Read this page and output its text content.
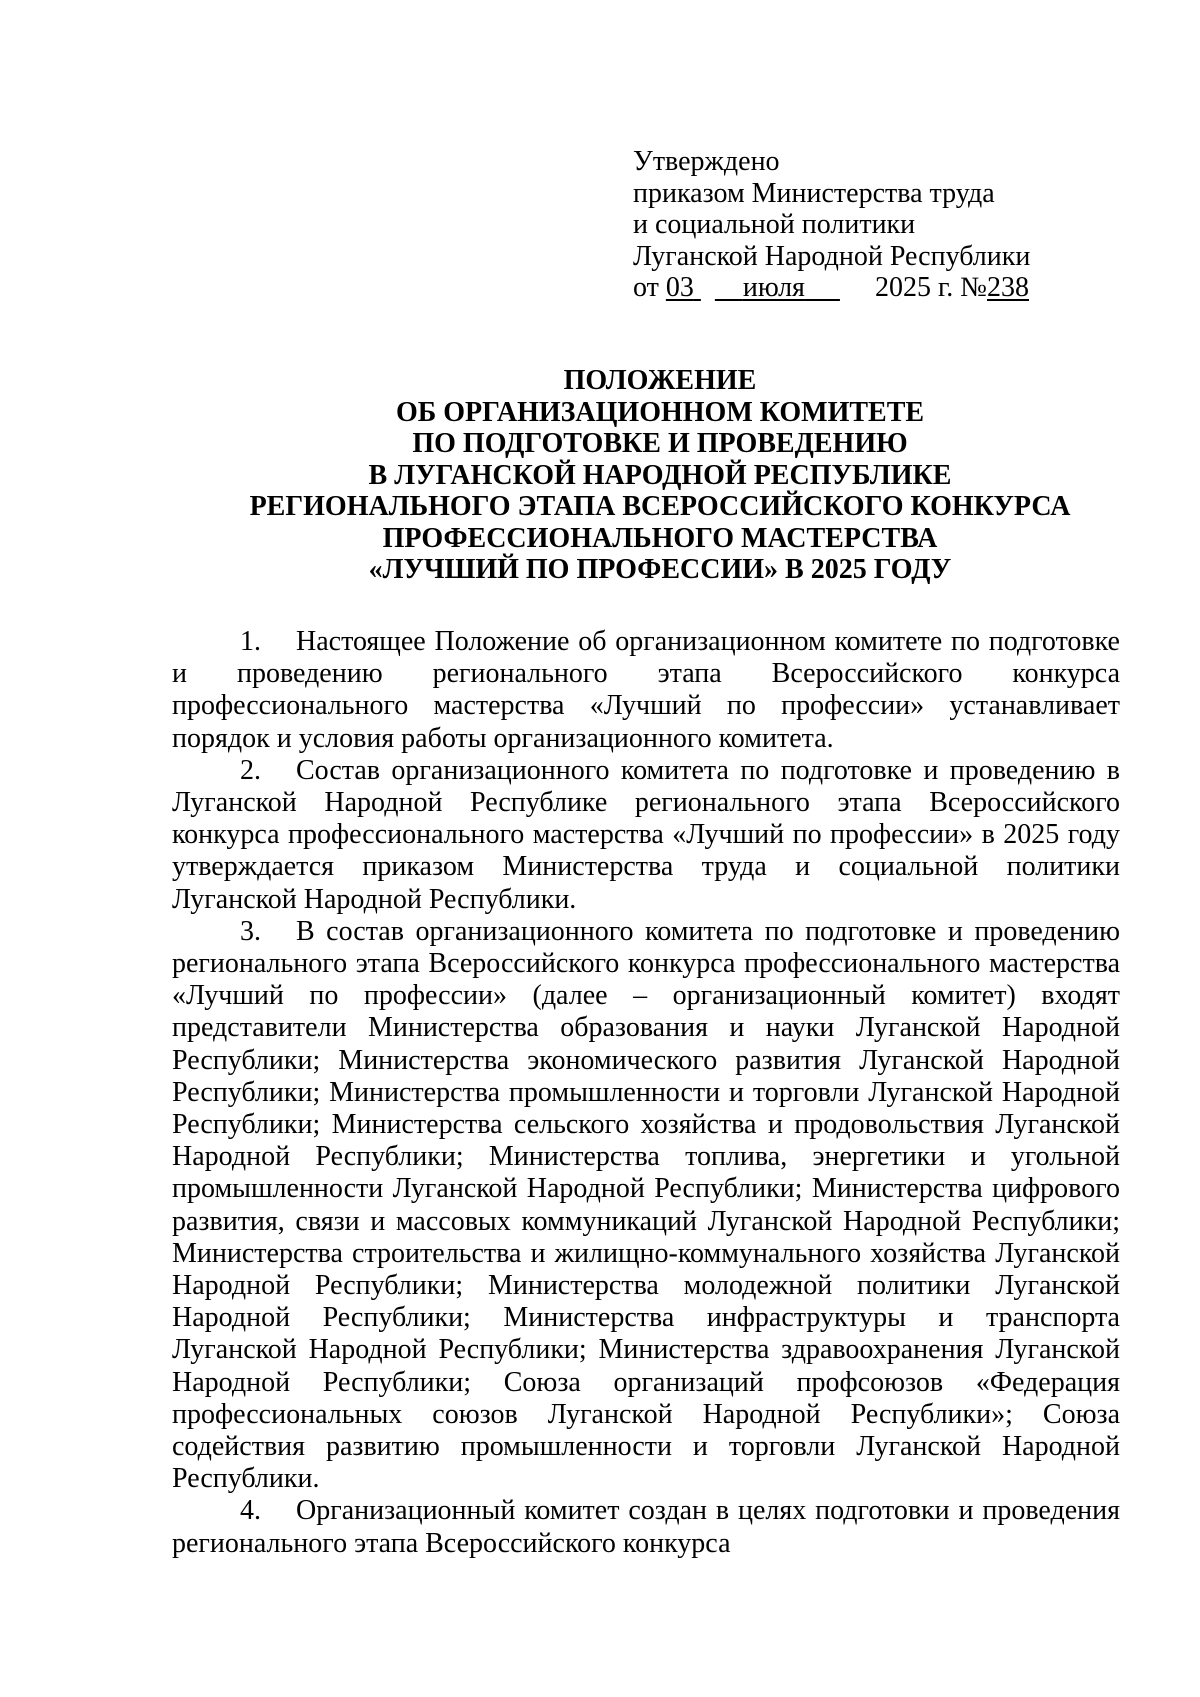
Утверждено
приказом Министерства труда
и социальной политики
Луганской Народной Республики
от 03 июля	2025 г. №238
ПОЛОЖЕНИЕ
ОБ ОРГАНИЗАЦИОННОМ КОМИТЕТЕ
ПО ПОДГОТОВКЕ И ПРОВЕДЕНИЮ
В ЛУГАНСКОЙ НАРОДНОЙ РЕСПУБЛИКЕ
РЕГИОНАЛЬНОГО ЭТАПА ВСЕРОССИЙСКОГО КОНКУРСА
ПРОФЕССИОНАЛЬНОГО МАСТЕРСТВА
«ЛУЧШИЙ ПО ПРОФЕССИИ» В 2025 ГОДУ

1. Настоящее Положение об организационном комитете по подготовке и проведению регионального этапа Всероссийского конкурса профессионального мастерства «Лучший по профессии» устанавливает порядок и условия работы организационного комитета.

2. Состав организационного комитета по подготовке и проведению в Луганской Народной Республике регионального этапа Всероссийского конкурса профессионального мастерства «Лучший по профессии» в 2025 году утверждается приказом Министерства труда и социальной политики Луганской Народной Республики.

3. В состав организационного комитета по подготовке и проведению регионального этапа Всероссийского конкурса профессионального мастерства «Лучший по профессии» (далее – организационный комитет) входят представители Министерства образования и науки Луганской Народной Республики; Министерства экономического развития Луганской Народной Республики; Министерства промышленности и торговли Луганской Народной Республики; Министерства сельского хозяйства и продовольствия Луганской Народной Республики; Министерства топлива, энергетики и угольной промышленности Луганской Народной Республики; Министерства цифрового развития, связи и массовых коммуникаций Луганской Народной Республики; Министерства строительства и жилищно-коммунального хозяйства Луганской Народной Республики; Министерства молодежной политики Луганской Народной Республики; Министерства инфраструктуры и транспорта Луганской Народной Республики; Министерства здравоохранения Луганской Народной Республики; Союза организаций профсоюзов «Федерация профессиональных союзов Луганской Народной Республики»; Союза содействия развитию промышленности и торговли Луганской Народной Республики.

4. Организационный комитет создан в целях подготовки и проведения регионального этапа Всероссийского конкурса
